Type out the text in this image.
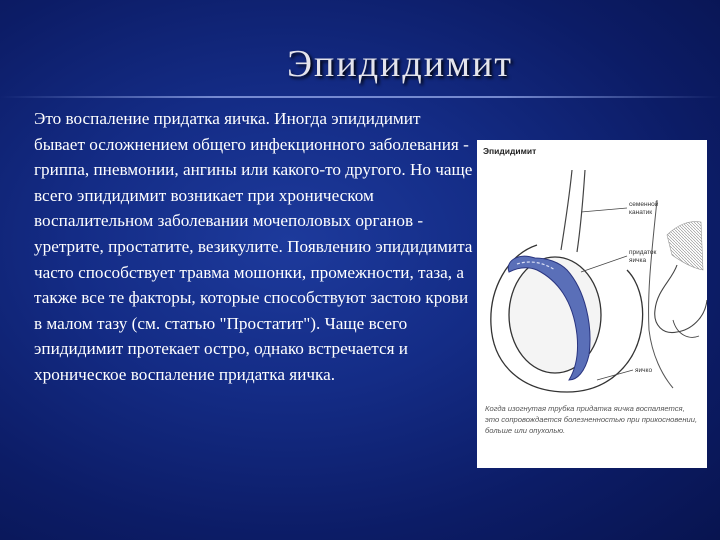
Эпидидимит

Это воспаление придатка яичка. Иногда эпидидимит бывает осложнением общего инфекционного заболевания - гриппа, пневмонии, ангины или какого-то другого. Но чаще всего эпидидимит возникает при хроническом воспалительном заболевании мочеполовых органов - уретрите, простатите, везикулите. Появлению эпидидимита часто способствует травма мошонки, промежности, таза, а также все те факторы, которые способствуют застою крови в малом тазу (см. статью "Простатит"). Чаще всего эпидидимит протекает остро, однако встречается и хроническое воспаление придатка яичка.

Эпидидимит
семенной
канатик
придаток
яичка
яичко
Когда изогнутая трубка придатка яичка воспаляется, это сопровождается болезненностью при прикосновении, больше или опухолью.
